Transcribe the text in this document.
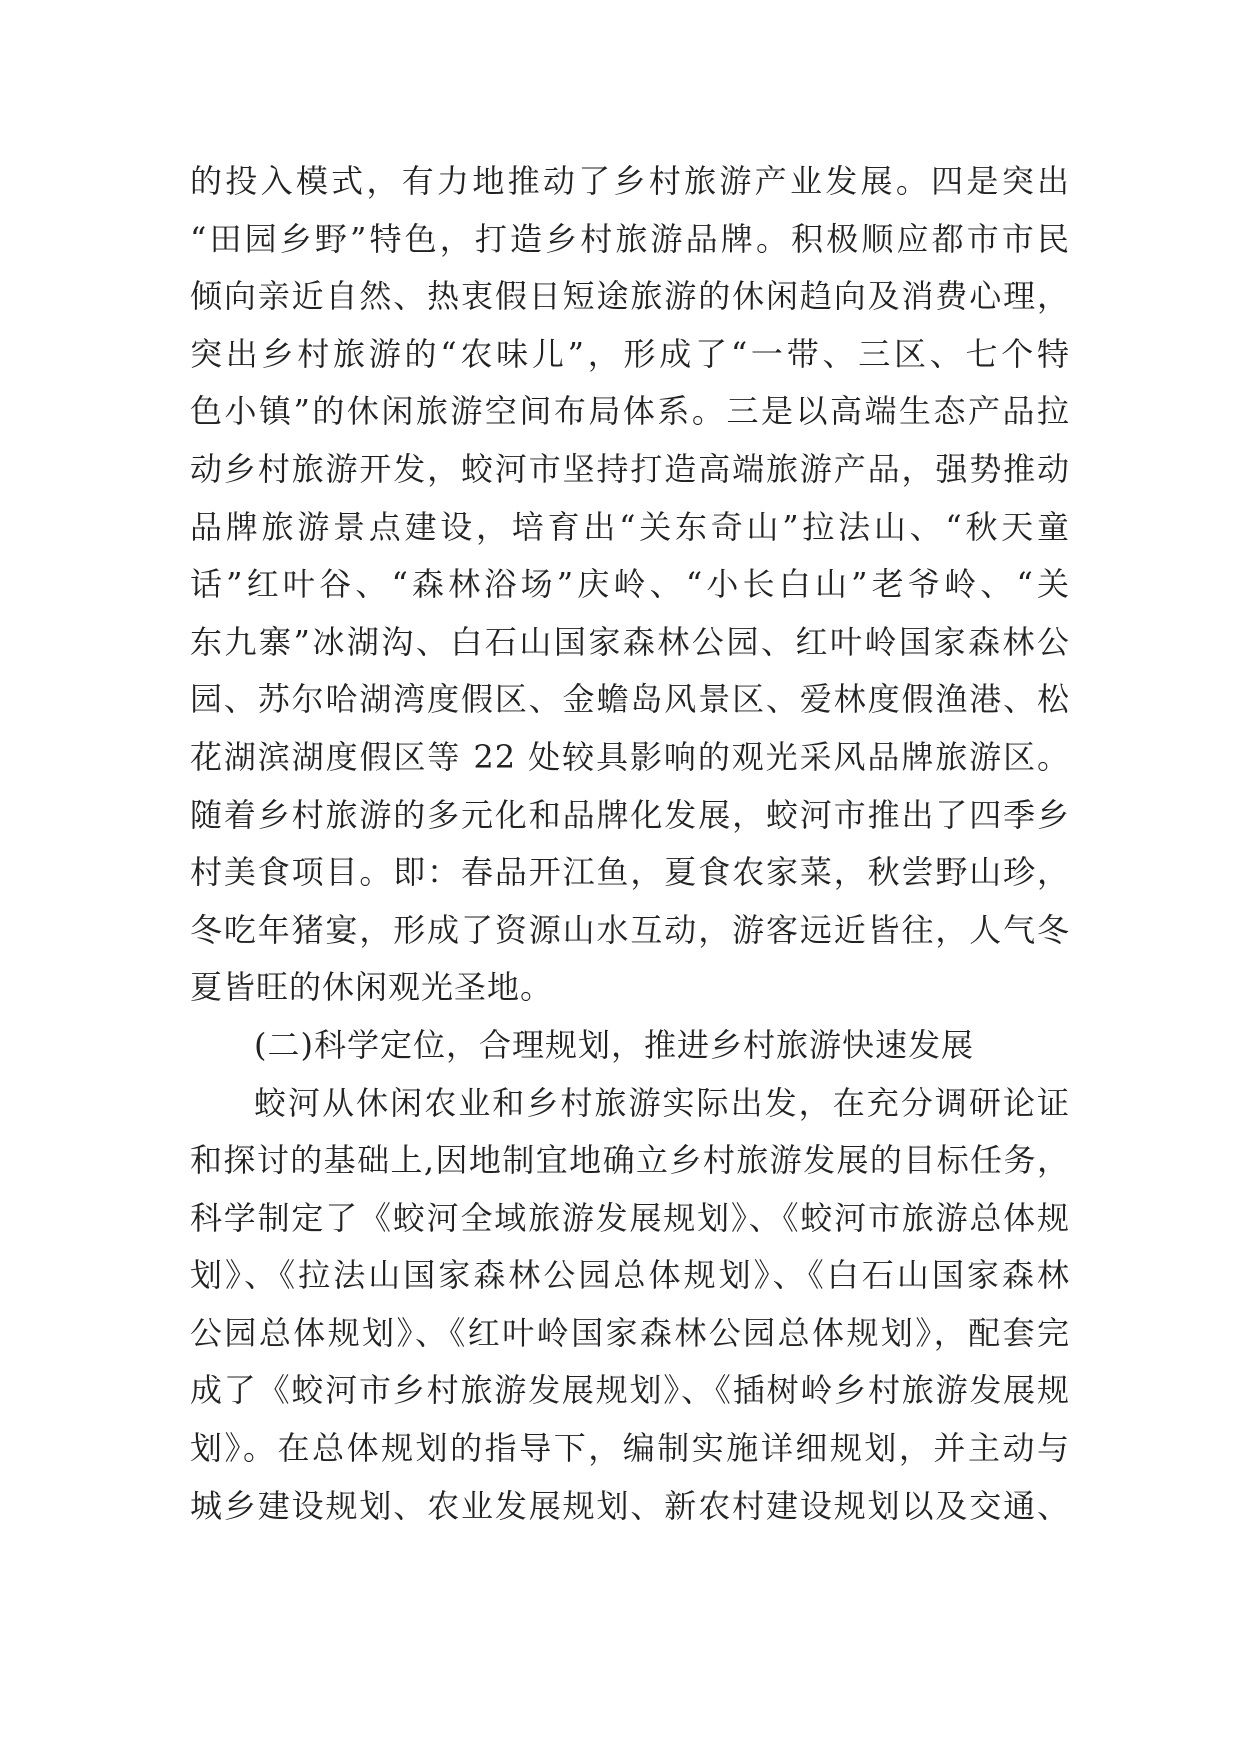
的投入模式，有力地推动了乡村旅游产业发展。四是突出
“田园乡野”特色，打造乡村旅游品牌。积极顺应都市市民
倾向亲近自然、热衷假日短途旅游的休闲趋向及消费心理，
突出乡村旅游的“农味儿”，形成了“一带、三区、七个特
色小镇”的休闲旅游空间布局体系。三是以高端生态产品拉
动乡村旅游开发，蛟河市坚持打造高端旅游产品，强势推动
品牌旅游景点建设，培育出“关东奇山”拉法山、“秋天童
话”红叶谷、“森林浴场”庆岭、“小长白山”老爷岭、“关
东九寨”冰湖沟、白石山国家森林公园、红叶岭国家森林公
园、苏尔哈湖湾度假区、金蟾岛风景区、爱林度假渔港、松
花湖滨湖度假区等 22 处较具影响的观光采风品牌旅游区。
随着乡村旅游的多元化和品牌化发展，蛟河市推出了四季乡
村美食项目。即：春品开江鱼，夏食农家菜，秋尝野山珍，
冬吃年猪宴，形成了资源山水互动，游客远近皆往，人气冬
夏皆旺的休闲观光圣地。
(二)科学定位，合理规划，推进乡村旅游快速发展
蛟河从休闲农业和乡村旅游实际出发，在充分调研论证
和探讨的基础上,因地制宜地确立乡村旅游发展的目标任务，
科学制定了《蛟河全域旅游发展规划》、《蛟河市旅游总体规
划》、《拉法山国家森林公园总体规划》、《白石山国家森林
公园总体规划》、《红叶岭国家森林公园总体规划》，配套完
成了《蛟河市乡村旅游发展规划》、《插树岭乡村旅游发展规
划》。在总体规划的指导下，编制实施详细规划，并主动与
城乡建设规划、农业发展规划、新农村建设规划以及交通、
